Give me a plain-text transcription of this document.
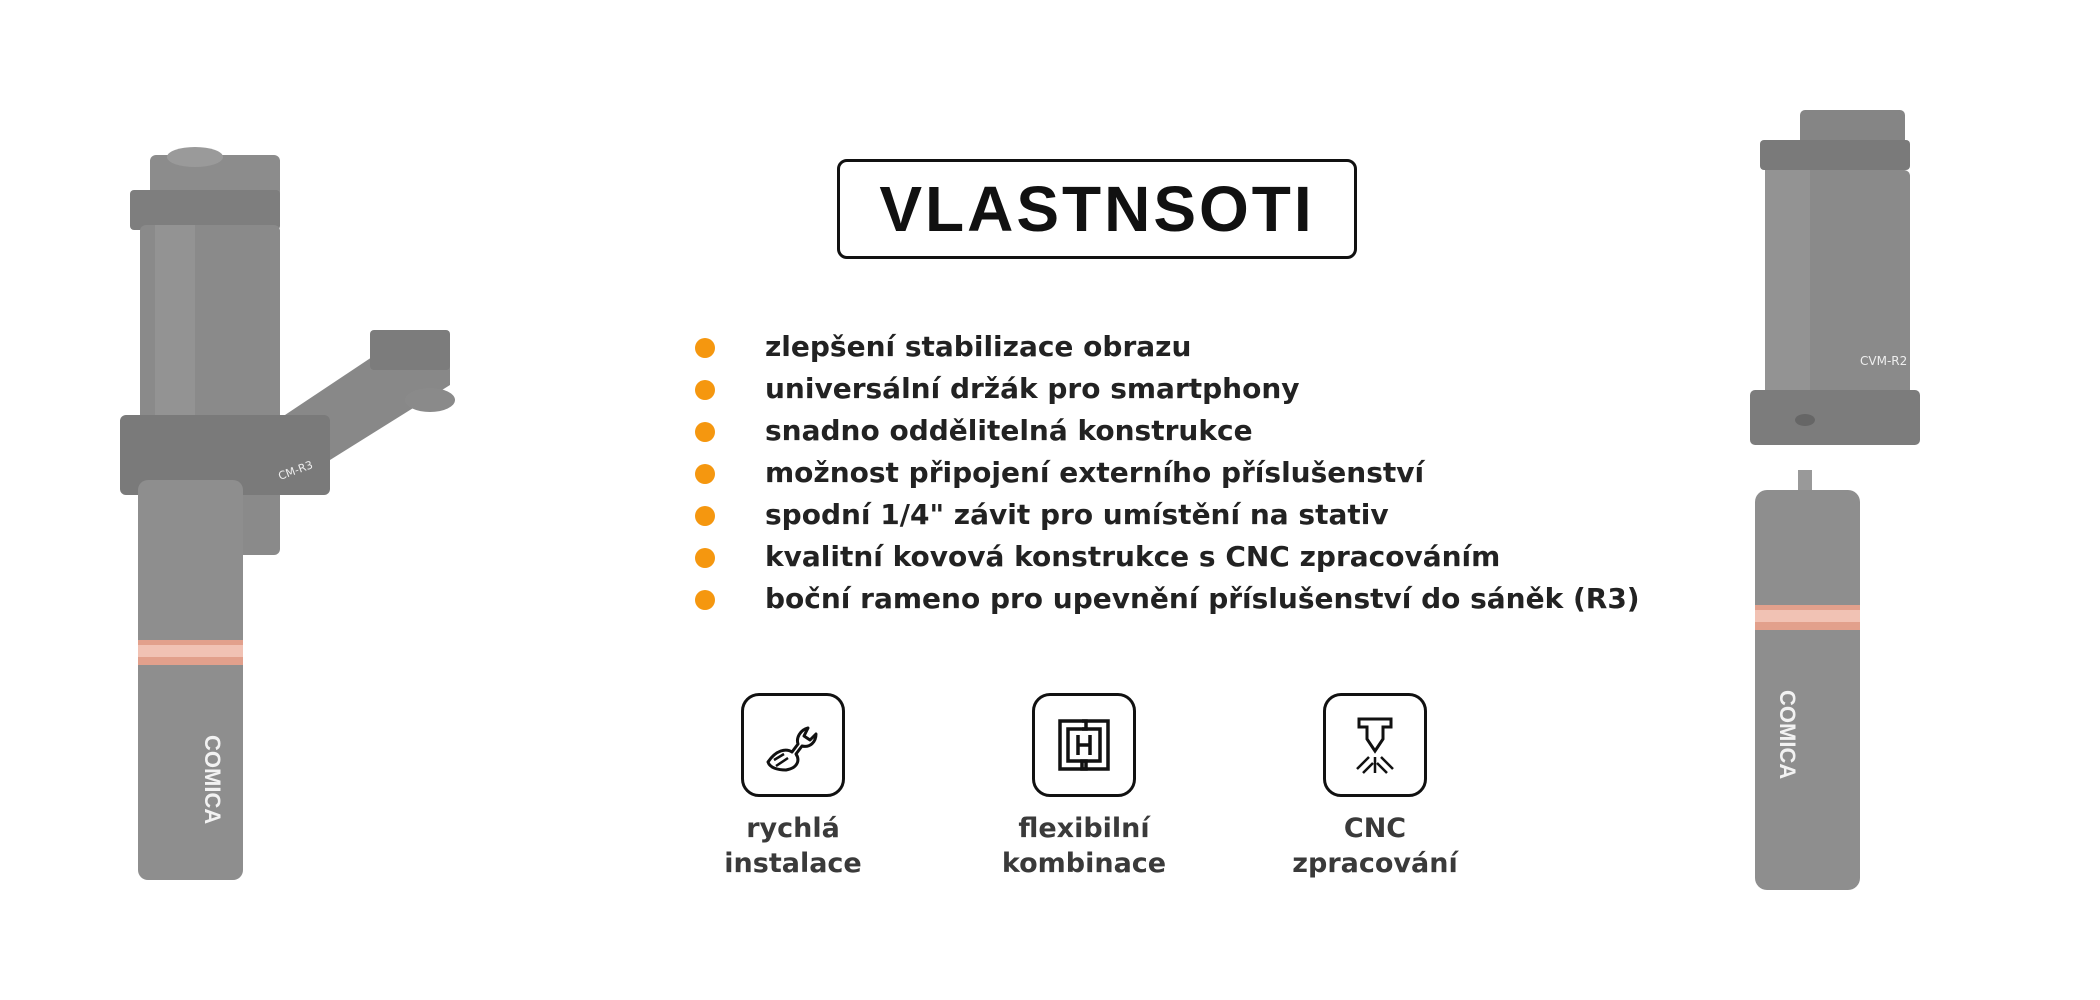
CM-R3
COMICA
CVM-R2
COMICA
VLASTNSOTI
zlepšení stabilizace obrazu
universální držák pro smartphony
snadno oddělitelná konstrukce
možnost připojení externího příslušenství
spodní 1/4" závit pro umístění na stativ
kvalitní kovová konstrukce s CNC zpracováním
boční rameno pro upevnění příslušenství do sáněk (R3)
rychlá
instalace
flexibilní
kombinace
CNC
zpracování
